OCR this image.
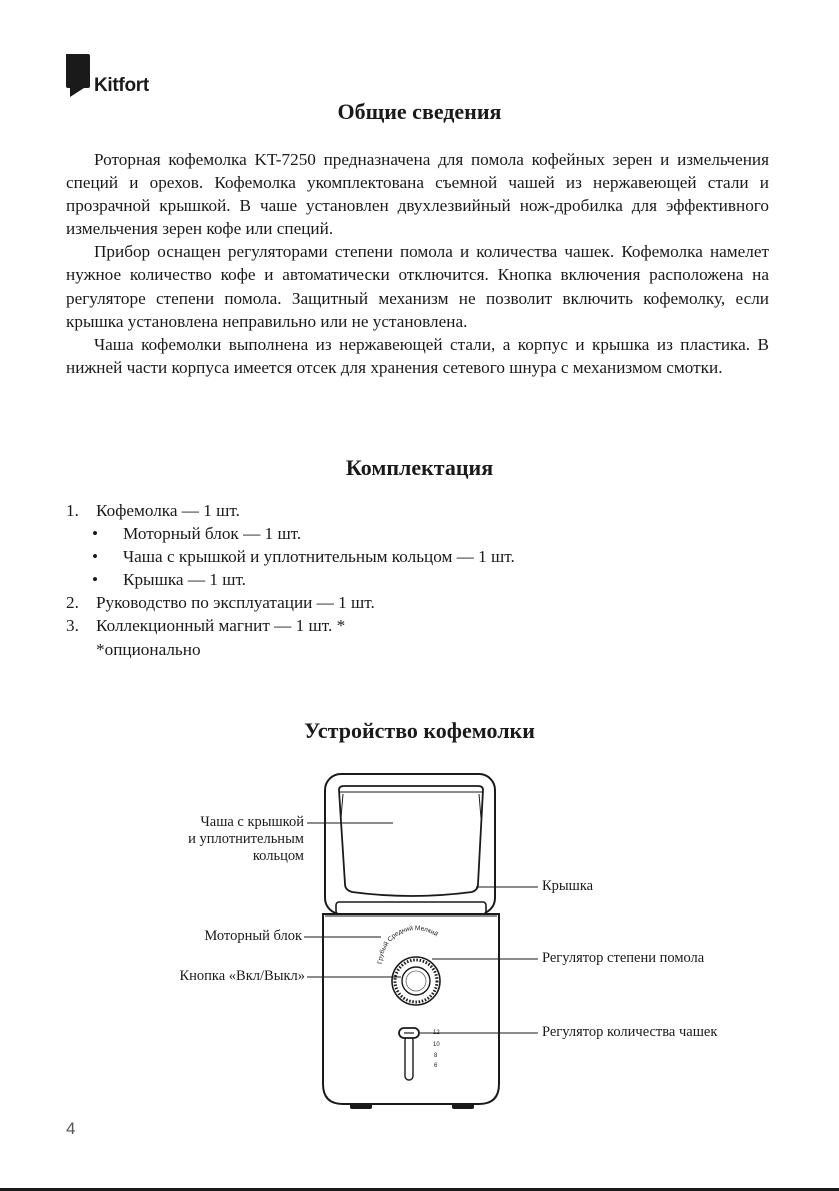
Kitfort
Общие сведения

Роторная кофемолка KT-7250 предназначена для помола кофейных зерен и измельчения специй и орехов. Кофемолка укомплектована съемной чашей из нержавеющей стали и прозрачной крышкой. В чаше установлен двухлезвийный нож-дробилка для эффективного измельчения зерен кофе или специй.

Прибор оснащен регуляторами степени помола и количества чашек. Кофемолка намелет нужное количество кофе и автоматически отключится. Кнопка включения расположена на регуляторе степени помола. Защитный механизм не позволит включить кофемолку, если крышка установлена неправильно или не установлена.

Чаша кофемолки выполнена из нержавеющей стали, а корпус и крышка из пластика. В нижней части корпуса имеется отсек для хранения сетевого шнура с механизмом смотки.

Комплектация
1. Кофемолка — 1 шт.
• Моторный блок — 1 шт.
• Чаша с крышкой и уплотнительным кольцом — 1 шт.
• Крышка — 1 шт.
2. Руководство по эксплуатации — 1 шт.
3. Коллекционный магнит — 1 шт. *
*опционально
Устройство кофемолки
Грубый Средний Мелкий
12
10
8
6
Чаша с крышкой
и уплотнительным
кольцом
Крышка
Моторный блок
Регулятор степени помола
Кнопка «Вкл/Выкл»
Регулятор количества чашек
4
